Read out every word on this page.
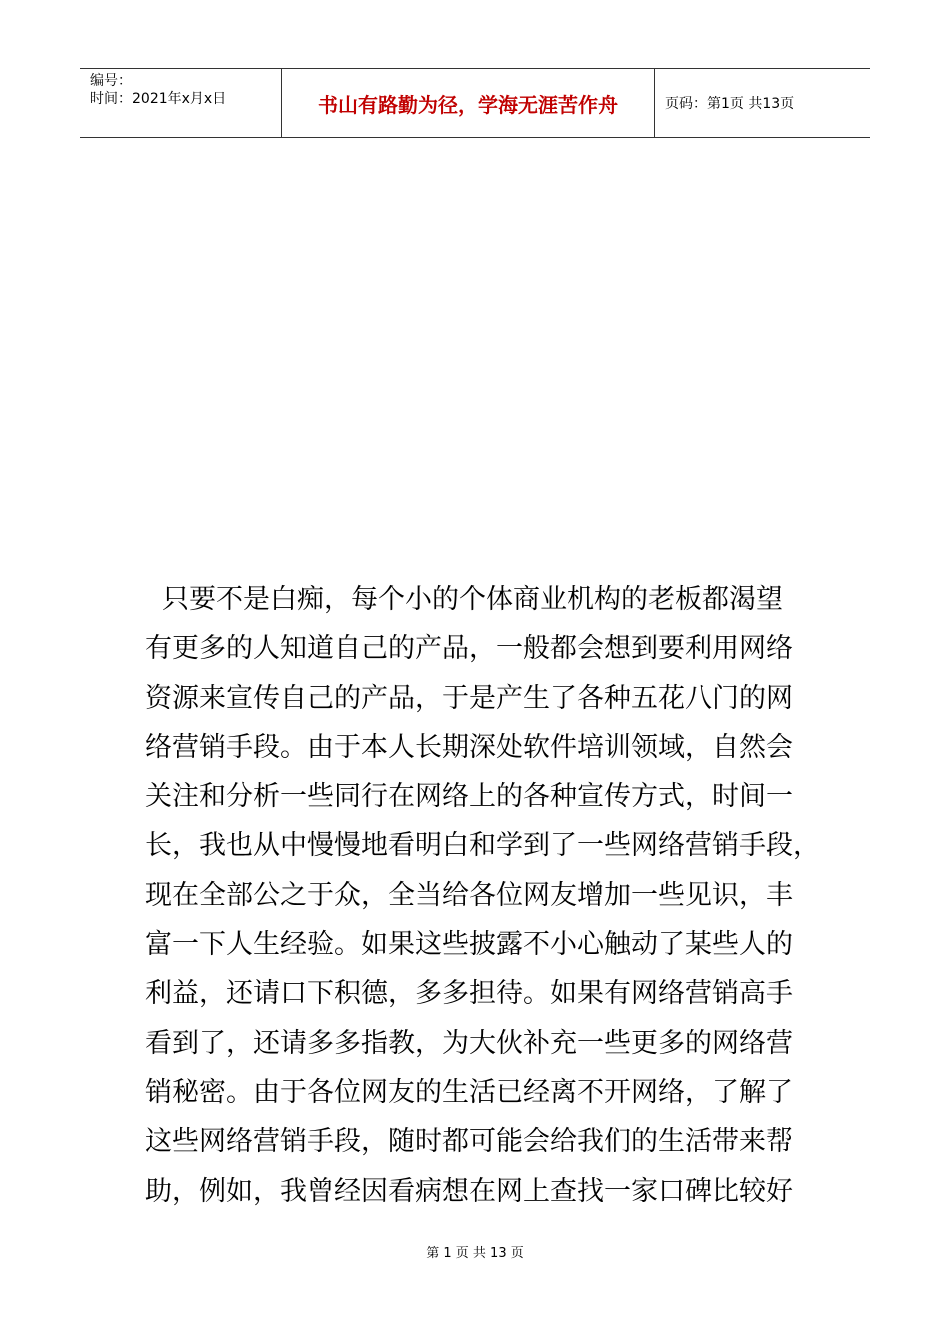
编号：
时间：2021年x月x日	书山有路勤为径，学海无涯苦作舟	页码：第1页 共13页
只要不是白痴，每个小的个体商业机构的老板都渴望
有更多的人知道自己的产品，一般都会想到要利用网络
资源来宣传自己的产品，于是产生了各种五花八门的网
络营销手段。由于本人长期深处软件培训领域，自然会
关注和分析一些同行在网络上的各种宣传方式，时间一
长，我也从中慢慢地看明白和学到了一些网络营销手段，
现在全部公之于众，全当给各位网友增加一些见识，丰
富一下人生经验。如果这些披露不小心触动了某些人的
利益，还请口下积德，多多担待。如果有网络营销高手
看到了，还请多多指教，为大伙补充一些更多的网络营
销秘密。由于各位网友的生活已经离不开网络，了解了
这些网络营销手段，随时都可能会给我们的生活带来帮
助，例如，我曾经因看病想在网上查找一家口碑比较好
第 1 页 共 13 页
